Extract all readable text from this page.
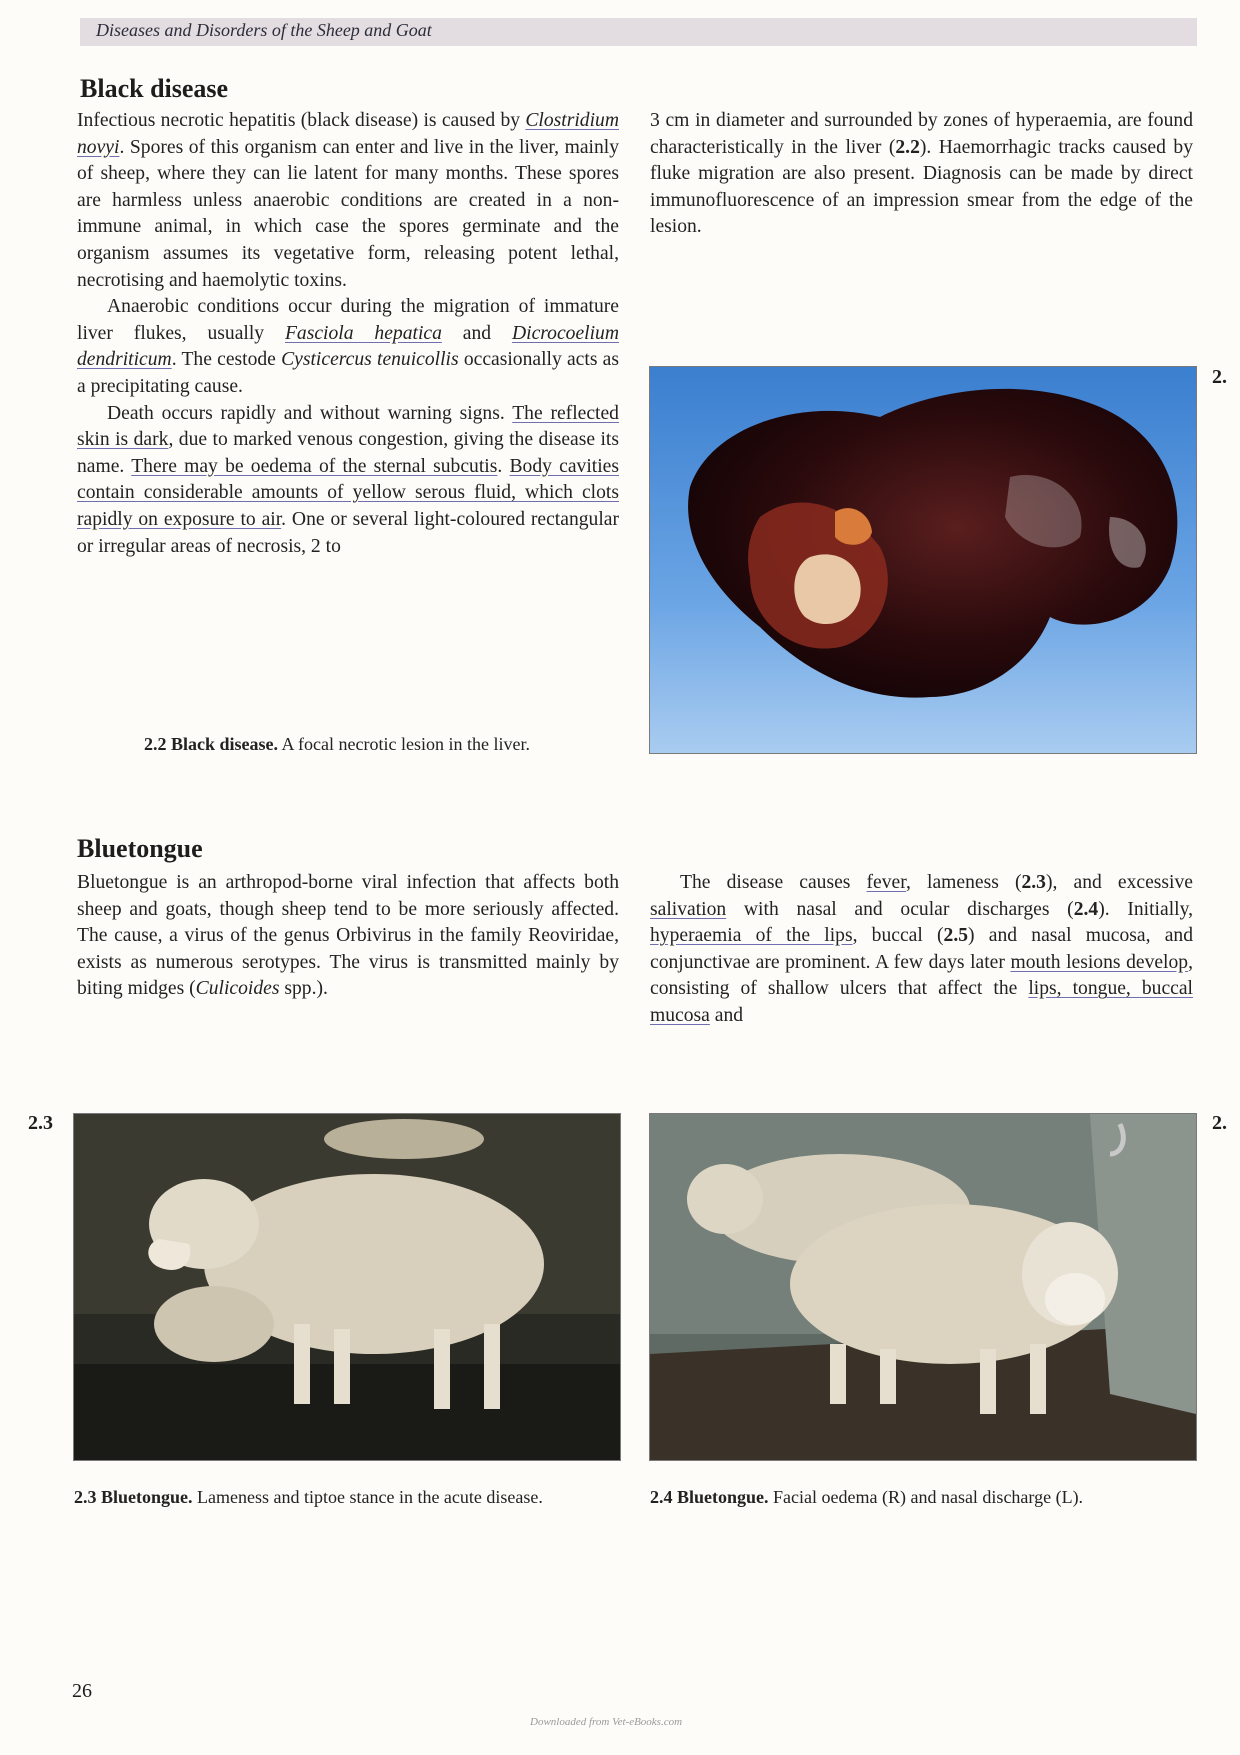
Diseases and Disorders of the Sheep and Goat
Black disease

Infectious necrotic hepatitis (black disease) is caused by Clostridium novyi. Spores of this organism can enter and live in the liver, mainly of sheep, where they can lie latent for many months. These spores are harmless unless anaerobic conditions are created in a non-immune animal, in which case the spores germinate and the organism assumes its vegetative form, releasing potent lethal, necrotising and haemolytic toxins.

Anaerobic conditions occur during the migration of immature liver flukes, usually Fasciola hepatica and Dicrocoelium dendriticum. The cestode Cysticercus tenuicollis occasionally acts as a precipitating cause.

Death occurs rapidly and without warning signs. The reflected skin is dark, due to marked venous congestion, giving the disease its name. There may be oedema of the sternal subcutis. Body cavities contain considerable amounts of yellow serous fluid, which clots rapidly on exposure to air. One or several light-coloured rectangular or irregular areas of necrosis, 2 to

3 cm in diameter and surrounded by zones of hyperaemia, are found characteristically in the liver (2.2). Haemorrhagic tracks caused by fluke migration are also present. Diagnosis can be made by direct immunofluorescence of an impression smear from the edge of the lesion.

2.

2.2 Black disease. A focal necrotic lesion in the liver.

Bluetongue

Bluetongue is an arthropod-borne viral infection that affects both sheep and goats, though sheep tend to be more seriously affected. The cause, a virus of the genus Orbivirus in the family Reoviridae, exists as numerous serotypes. The virus is transmitted mainly by biting midges (Culicoides spp.).

The disease causes fever, lameness (2.3), and excessive salivation with nasal and ocular discharges (2.4). Initially, hyperaemia of the lips, buccal (2.5) and nasal mucosa, and conjunctivae are prominent. A few days later mouth lesions develop, consisting of shallow ulcers that affect the lips, tongue, buccal mucosa and

2.3

2.3 Bluetongue. Lameness and tiptoe stance in the acute disease.

2.

2.4 Bluetongue. Facial oedema (R) and nasal discharge (L).

26
Downloaded from Vet-eBooks.com
